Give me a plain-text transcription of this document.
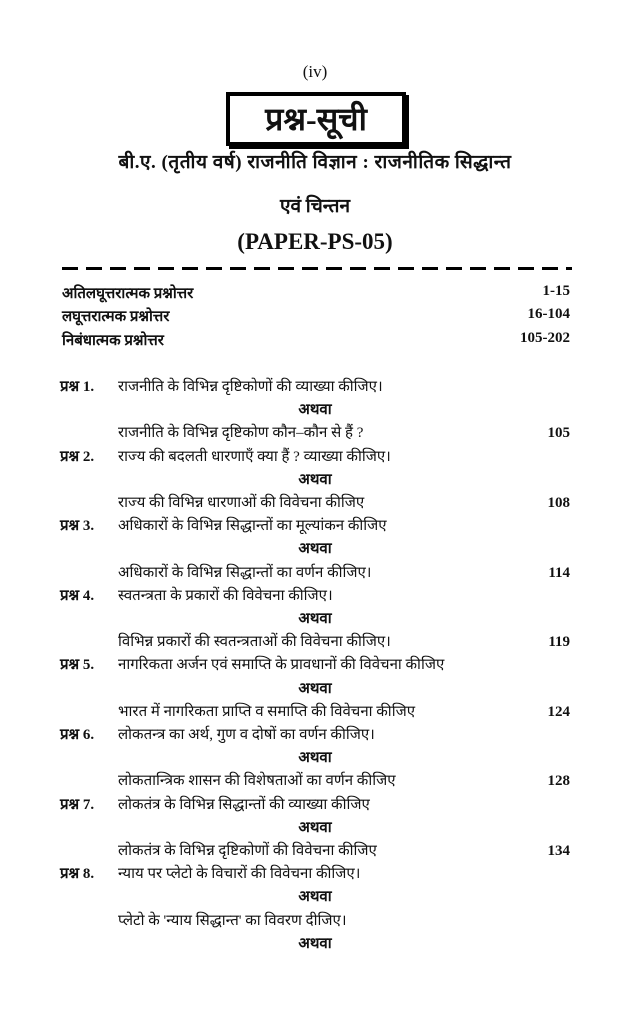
(iv)
प्रश्न-सूची
बी.ए. (तृतीय वर्ष) राजनीति विज्ञान : राजनीतिक सिद्धान्त
एवं चिन्तन
(PAPER-PS-05)
अतिलघूत्तरात्मक प्रश्नोत्तर	1-15
लघूत्तरात्मक प्रश्नोत्तर	16-104
निबंधात्मक प्रश्नोत्तर	105-202
प्रश्न 1. राजनीति के विभिन्न दृष्टिकोणों की व्याख्या कीजिए।
अथवा
राजनीति के विभिन्न दृष्टिकोण कौन–कौन से हैं ?	105
प्रश्न 2. राज्य की बदलती धारणाएँ क्या हैं ? व्याख्या कीजिए।
अथवा
राज्य की विभिन्न धारणाओं की विवेचना कीजिए	108
प्रश्न 3. अधिकारों के विभिन्न सिद्धान्तों का मूल्यांकन कीजिए
अथवा
अधिकारों के विभिन्न सिद्धान्तों का वर्णन कीजिए।	114
प्रश्न 4. स्वतन्त्रता के प्रकारों की विवेचना कीजिए।
अथवा
विभिन्न प्रकारों की स्वतन्त्रताओं की विवेचना कीजिए।	119
प्रश्न 5. नागरिकता अर्जन एवं समाप्ति के प्रावधानों की विवेचना कीजिए
अथवा
भारत में नागरिकता प्राप्ति व समाप्ति की विवेचना कीजिए	124
प्रश्न 6. लोकतन्त्र का अर्थ, गुण व दोषों का वर्णन कीजिए।
अथवा
लोकतान्त्रिक शासन की विशेषताओं का वर्णन कीजिए	128
प्रश्न 7. लोकतंत्र के विभिन्न सिद्धान्तों की व्याख्या कीजिए
अथवा
लोकतंत्र के विभिन्न दृष्टिकोणों की विवेचना कीजिए	134
प्रश्न 8. न्याय पर प्लेटो के विचारों की विवेचना कीजिए।
अथवा
प्लेटो के 'न्याय सिद्धान्त' का विवरण दीजिए।
अथवा
